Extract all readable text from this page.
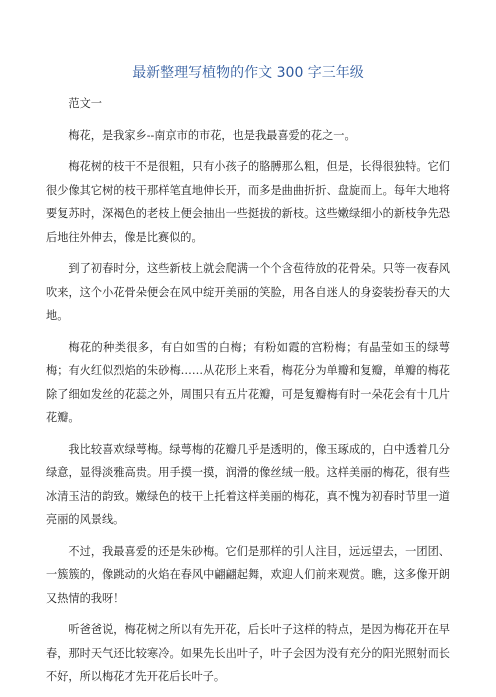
最新整理写植物的作文 300 字三年级

范文一

梅花，是我家乡--南京市的市花，也是我最喜爱的花之一。

梅花树的枝干不是很粗，只有小孩子的胳膊那么粗，但是，长得很独特。它们很少像其它树的枝干那样笔直地伸长开，而多是曲曲折折、盘旋而上。每年大地将要复苏时，深褐色的老枝上便会抽出一些挺拔的新枝。这些嫩绿细小的新枝争先恐后地往外伸去，像是比赛似的。

到了初春时分，这些新枝上就会爬满一个个含苞待放的花骨朵。只等一夜春风吹来，这个小花骨朵便会在风中绽开美丽的笑脸，用各自迷人的身姿装扮春天的大地。

梅花的种类很多，有白如雪的白梅；有粉如霞的宫粉梅；有晶莹如玉的绿萼梅；有火红似烈焰的朱砂梅……从花形上来看，梅花分为单瓣和复瓣，单瓣的梅花除了细如发丝的花蕊之外，周围只有五片花瓣，可是复瓣梅有时一朵花会有十几片花瓣。

我比较喜欢绿萼梅。绿萼梅的花瓣几乎是透明的，像玉琢成的，白中透着几分绿意，显得淡雅高贵。用手摸一摸，润滑的像丝绒一般。这样美丽的梅花，很有些冰清玉洁的韵致。嫩绿色的枝干上托着这样美丽的梅花，真不愧为初春时节里一道亮丽的风景线。

不过，我最喜爱的还是朱砂梅。它们是那样的引人注目，远远望去，一团团、一簇簇的，像跳动的火焰在春风中翩翩起舞，欢迎人们前来观赏。瞧，这多像开朗又热情的我呀！

听爸爸说，梅花树之所以有先开花，后长叶子这样的特点，是因为梅花开在早春，那时天气还比较寒冷。如果先长出叶子，叶子会因为没有充分的阳光照射而长不好，所以梅花才先开花后长叶子。
